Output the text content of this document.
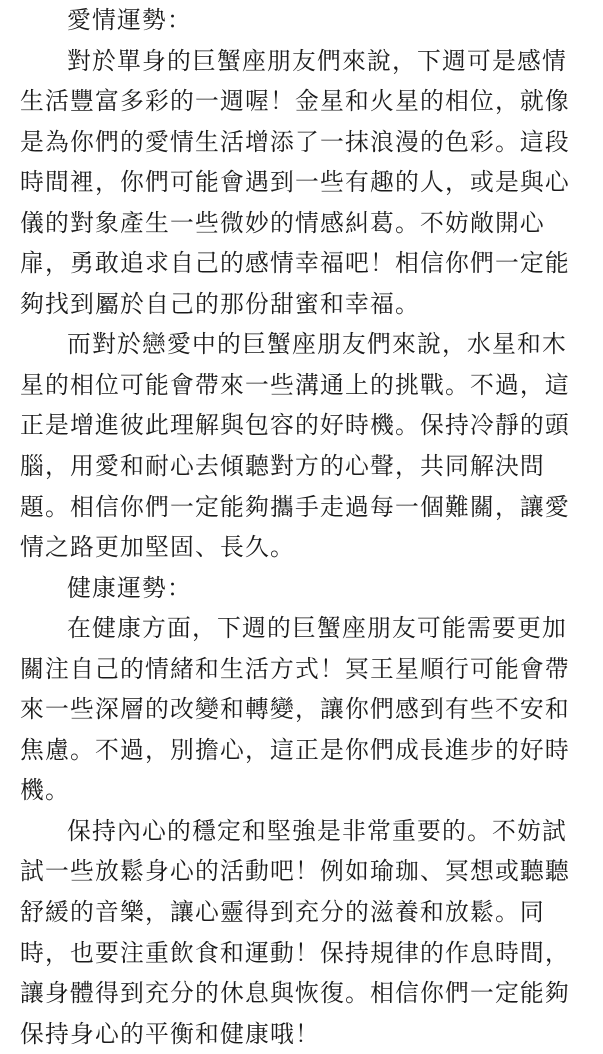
愛情運勢：
對於單身的巨蟹座朋友們來說，下週可是感情
生活豐富多彩的一週喔！金星和火星的相位，就像
是為你們的愛情生活增添了一抹浪漫的色彩。這段
時間裡，你們可能會遇到一些有趣的人，或是與心
儀的對象產生一些微妙的情感糾葛。不妨敞開心
扉，勇敢追求自己的感情幸福吧！相信你們一定能
夠找到屬於自己的那份甜蜜和幸福。
而對於戀愛中的巨蟹座朋友們來說，水星和木
星的相位可能會帶來一些溝通上的挑戰。不過，這
正是增進彼此理解與包容的好時機。保持冷靜的頭
腦，用愛和耐心去傾聽對方的心聲，共同解決問
題。相信你們一定能夠攜手走過每一個難關，讓愛
情之路更加堅固、長久。
健康運勢：
在健康方面，下週的巨蟹座朋友可能需要更加
關注自己的情緒和生活方式！冥王星順行可能會帶
來一些深層的改變和轉變，讓你們感到有些不安和
焦慮。不過，別擔心，這正是你們成長進步的好時
機。
保持內心的穩定和堅強是非常重要的。不妨試
試一些放鬆身心的活動吧！例如瑜珈、冥想或聽聽
舒緩的音樂，讓心靈得到充分的滋養和放鬆。同
時，也要注重飲食和運動！保持規律的作息時間，
讓身體得到充分的休息與恢復。相信你們一定能夠
保持身心的平衡和健康哦！
